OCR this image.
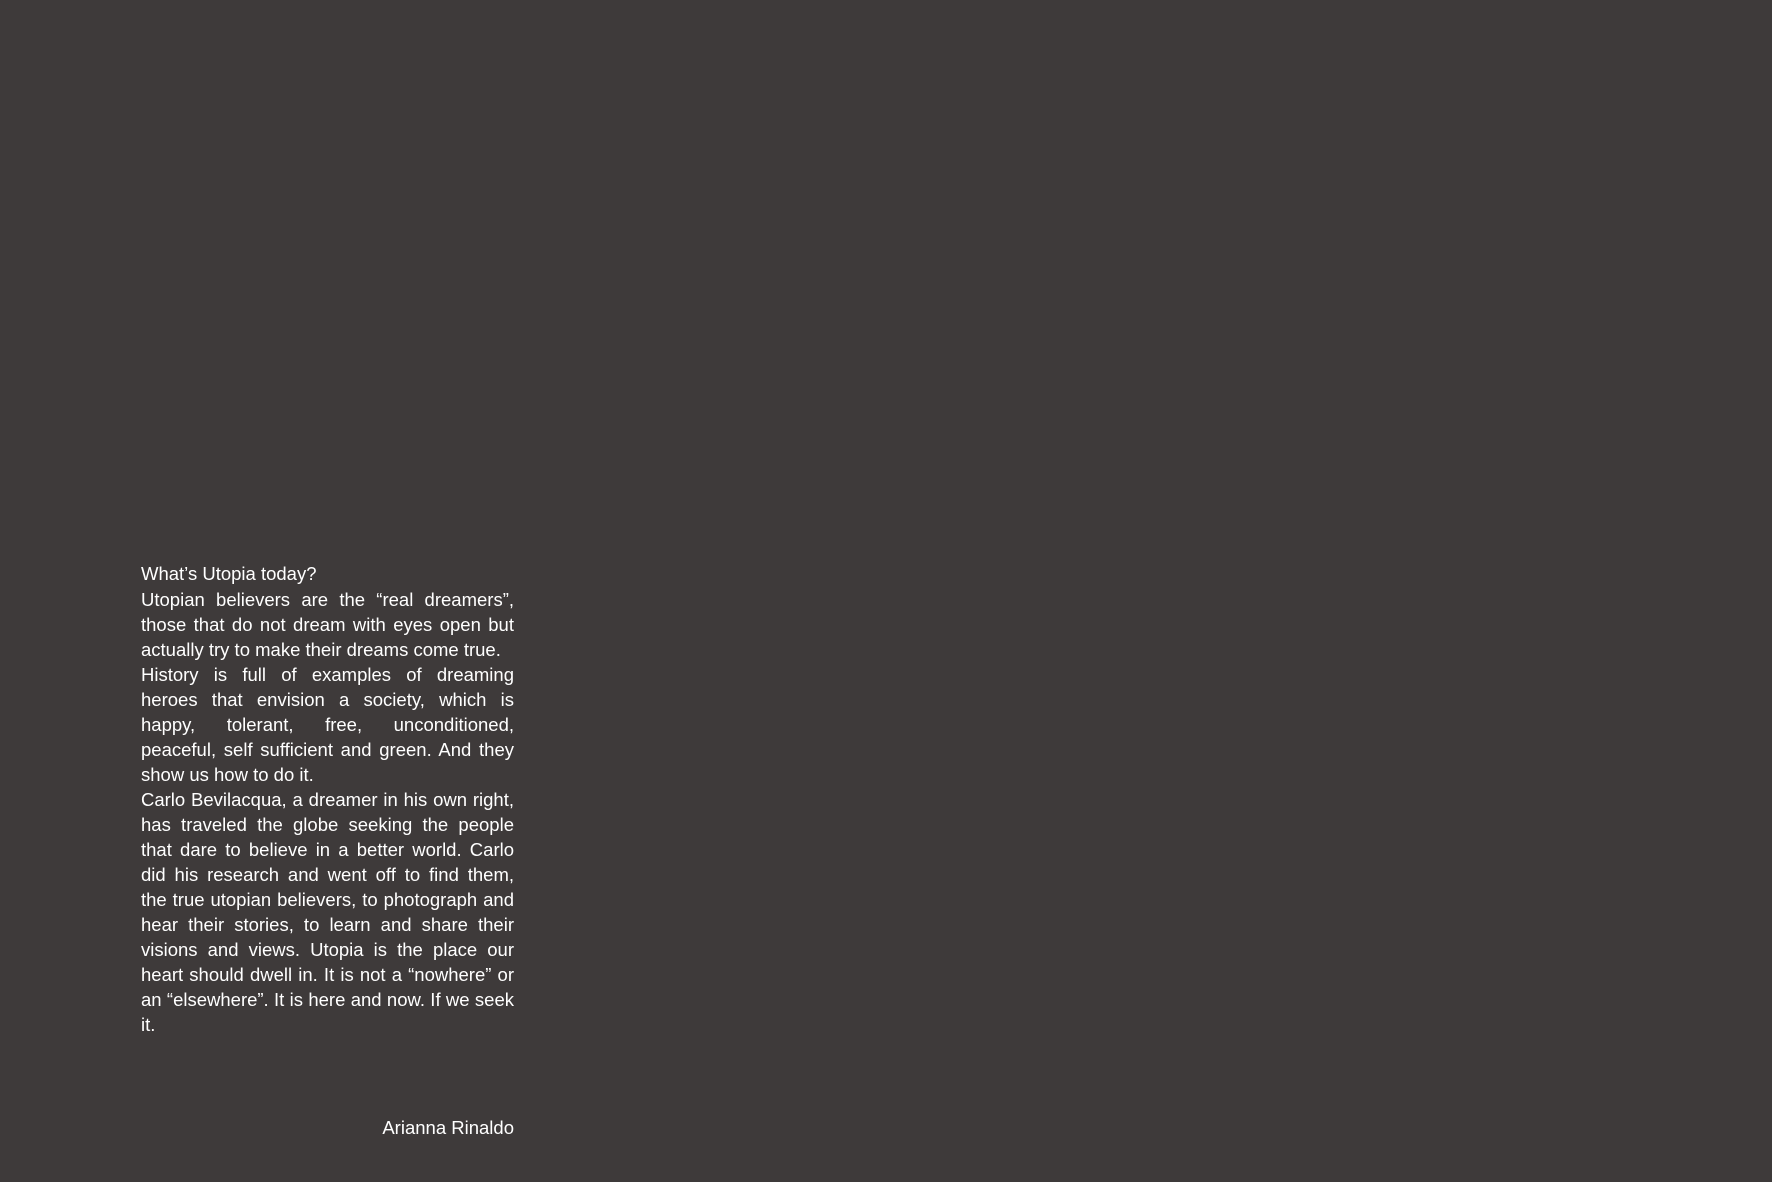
What’s Utopia today?

Utopian believers are the “real dreamers”, those that do not dream with eyes open but actually try to make their dreams come true.

History is full of examples of dreaming heroes that envision a society, which is happy, tolerant, free, unconditioned, peaceful, self sufficient and green. And they show us how to do it.

Carlo Bevilacqua, a dreamer in his own right, has traveled the globe seeking the people that dare to believe in a better world. Carlo did his research and went off to find them, the true utopian believers, to photograph and hear their stories, to learn and share their visions and views. Utopia is the place our heart should dwell in. It is not a “nowhere” or an “elsewhere”. It is here and now. If we seek it.

Arianna Rinaldo
